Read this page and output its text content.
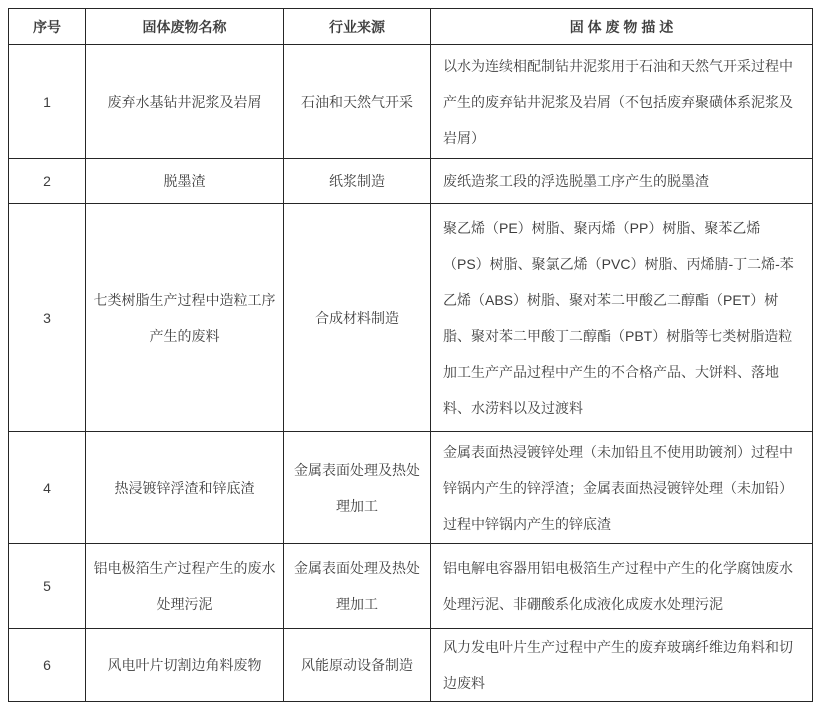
序号	固体废物名称	行业来源	固 体 废 物 描 述
1	废弃水基钻井泥浆及岩屑	石油和天然气开采	以水为连续相配制钻井泥浆用于石油和天然气开采过程中产生的废弃钻井泥浆及岩屑（不包括废弃聚磺体系泥浆及岩屑）
2	脱墨渣	纸浆制造	废纸造浆工段的浮选脱墨工序产生的脱墨渣
3	七类树脂生产过程中造粒工序产生的废料	合成材料制造	聚乙烯（PE）树脂、聚丙烯（PP）树脂、聚苯乙烯（PS）树脂、聚氯乙烯（PVC）树脂、丙烯腈-丁二烯-苯乙烯（ABS）树脂、聚对苯二甲酸乙二醇酯（PET）树脂、聚对苯二甲酸丁二醇酯（PBT）树脂等七类树脂造粒加工生产产品过程中产生的不合格产品、大饼料、落地料、水涝料以及过渡料
4	热浸镀锌浮渣和锌底渣	金属表面处理及热处理加工	金属表面热浸镀锌处理（未加铅且不使用助镀剂）过程中锌锅内产生的锌浮渣；金属表面热浸镀锌处理（未加铅）过程中锌锅内产生的锌底渣
5	铝电极箔生产过程产生的废水处理污泥	金属表面处理及热处理加工	铝电解电容器用铝电极箔生产过程中产生的化学腐蚀废水处理污泥、非硼酸系化成液化成废水处理污泥
6	风电叶片切割边角料废物	风能原动设备制造	风力发电叶片生产过程中产生的废弃玻璃纤维边角料和切边废料
